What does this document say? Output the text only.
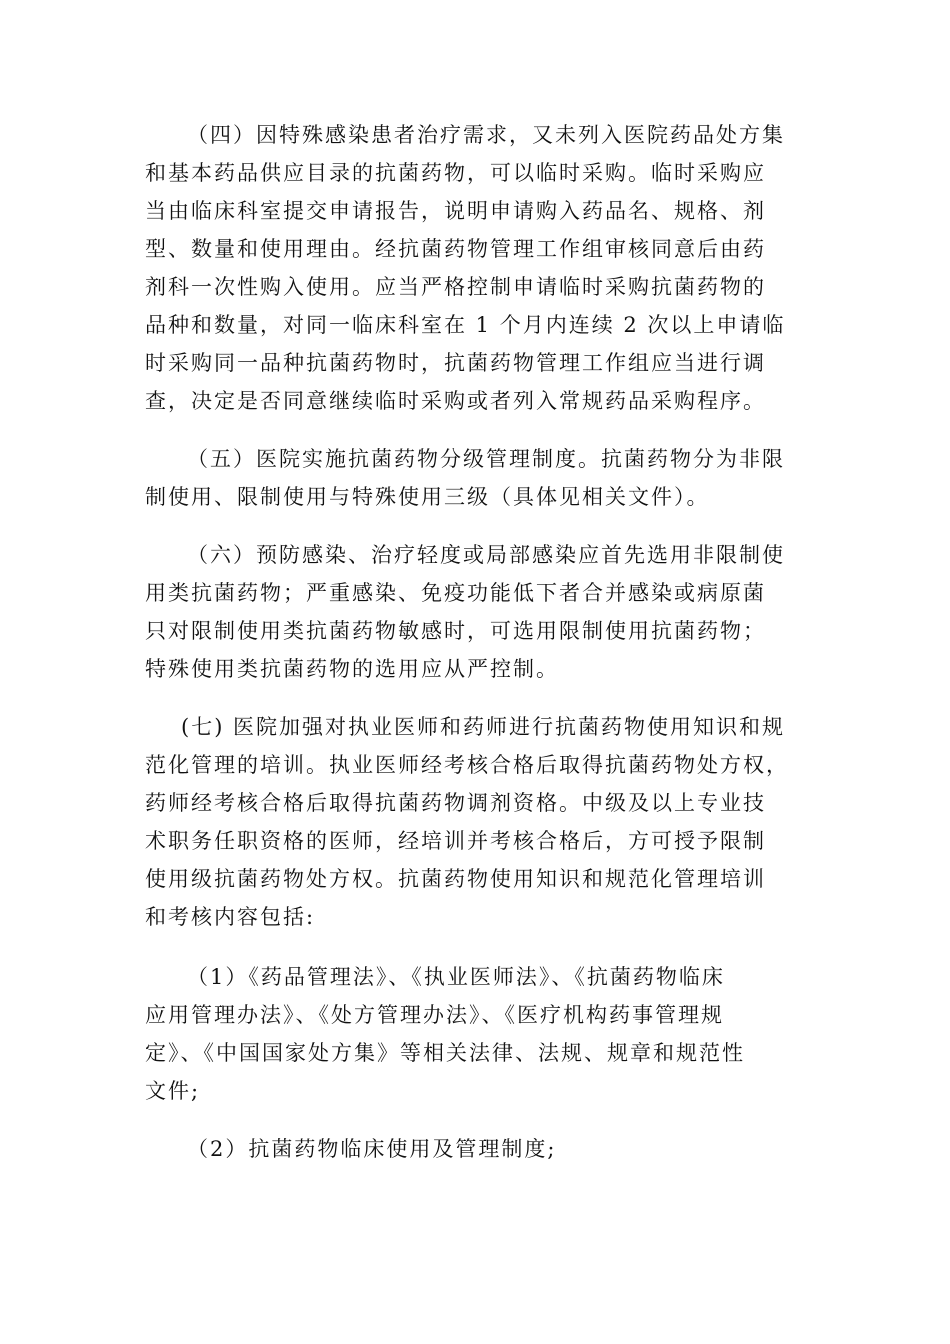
（四）因特殊感染患者治疗需求，又未列入医院药品处方集
和基本药品供应目录的抗菌药物，可以临时采购。临时采购应
当由临床科室提交申请报告，说明申请购入药品名、规格、剂
型、数量和使用理由。经抗菌药物管理工作组审核同意后由药
剂科一次性购入使用。应当严格控制申请临时采购抗菌药物的
品种和数量，对同一临床科室在 1 个月内连续 2 次以上申请临
时采购同一品种抗菌药物时，抗菌药物管理工作组应当进行调
查，决定是否同意继续临时采购或者列入常规药品采购程序。
（五）医院实施抗菌药物分级管理制度。抗菌药物分为非限
制使用、限制使用与特殊使用三级（具体见相关文件）。
（六）预防感染、治疗轻度或局部感染应首先选用非限制使
用类抗菌药物；严重感染、免疫功能低下者合并感染或病原菌
只对限制使用类抗菌药物敏感时，可选用限制使用抗菌药物；
特殊使用类抗菌药物的选用应从严控制。
(七) 医院加强对执业医师和药师进行抗菌药物使用知识和规
范化管理的培训。执业医师经考核合格后取得抗菌药物处方权，
药师经考核合格后取得抗菌药物调剂资格。中级及以上专业技
术职务任职资格的医师，经培训并考核合格后，方可授予限制
使用级抗菌药物处方权。抗菌药物使用知识和规范化管理培训
和考核内容包括:
（1）《药品管理法》、《执业医师法》、《抗菌药物临床
应用管理办法》、《处方管理办法》、《医疗机构药事管理规
定》、《中国国家处方集》等相关法律、法规、规章和规范性
文件;
（2）抗菌药物临床使用及管理制度;
